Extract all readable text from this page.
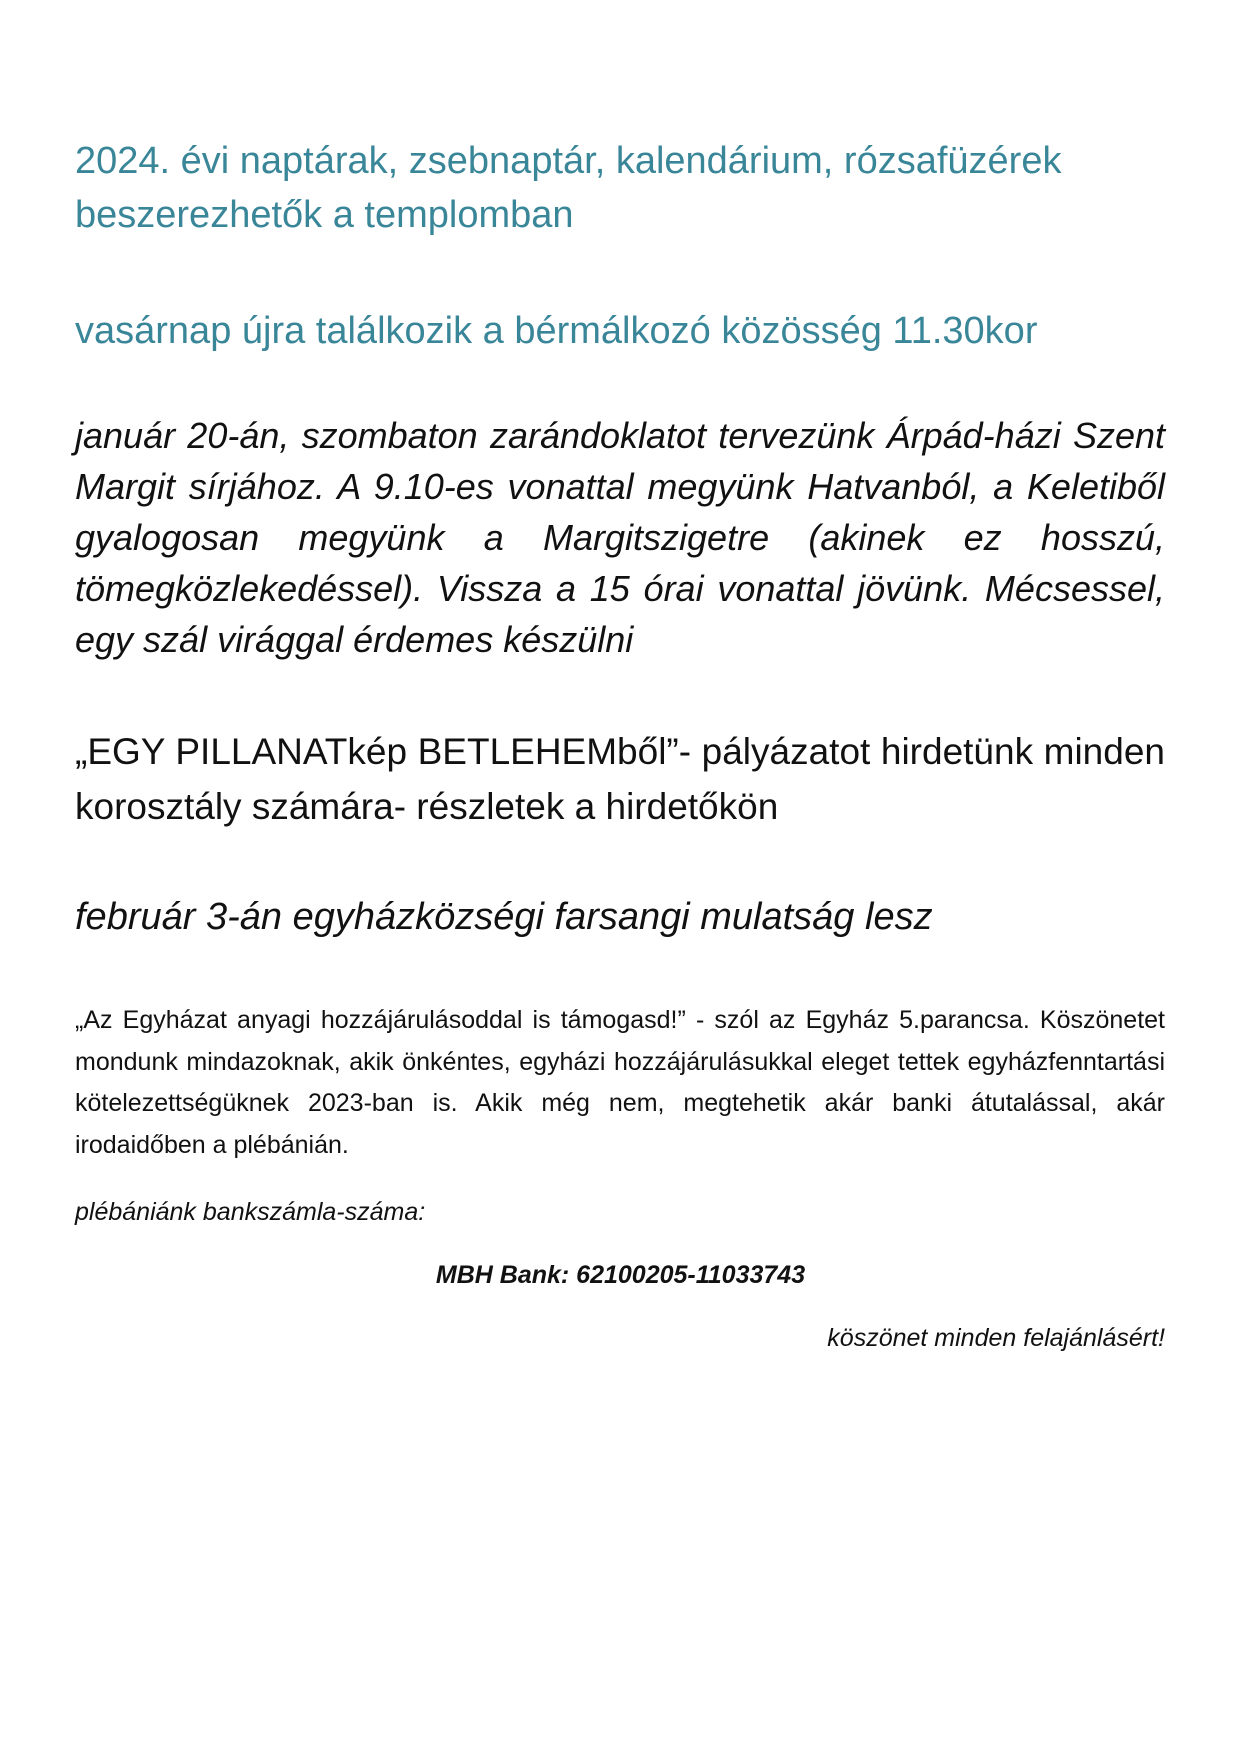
2024. évi naptárak, zsebnaptár, kalendárium, rózsafüzérek beszerezhetők a templomban

vasárnap újra találkozik a bérmálkozó közösség 11.30kor

január 20-án, szombaton zarándoklatot tervezünk Árpád-házi Szent Margit sírjához. A 9.10-es vonattal megyünk Hatvanból, a Keletiből gyalogosan megyünk a Margitszigetre (akinek ez hosszú, tömegközlekedéssel). Vissza a 15 órai vonattal jövünk. Mécsessel, egy szál virággal érdemes készülni

„EGY PILLANATkép BETLEHEMből”- pályázatot hirdetünk minden korosztály számára- részletek a hirdetőkön

február 3-án egyházközségi farsangi mulatság lesz

„Az Egyházat anyagi hozzájárulásoddal is támogasd!” - szól az Egyház 5.parancsa. Köszönetet mondunk mindazoknak, akik önkéntes, egyházi hozzájárulásukkal eleget tettek egyházfenntartási kötelezettségüknek 2023-ban is. Akik még nem, megtehetik akár banki átutalással, akár irodaidőben a plébánián.

plébániánk bankszámla-száma:

MBH Bank: 62100205-11033743

köszönet minden felajánlásért!
